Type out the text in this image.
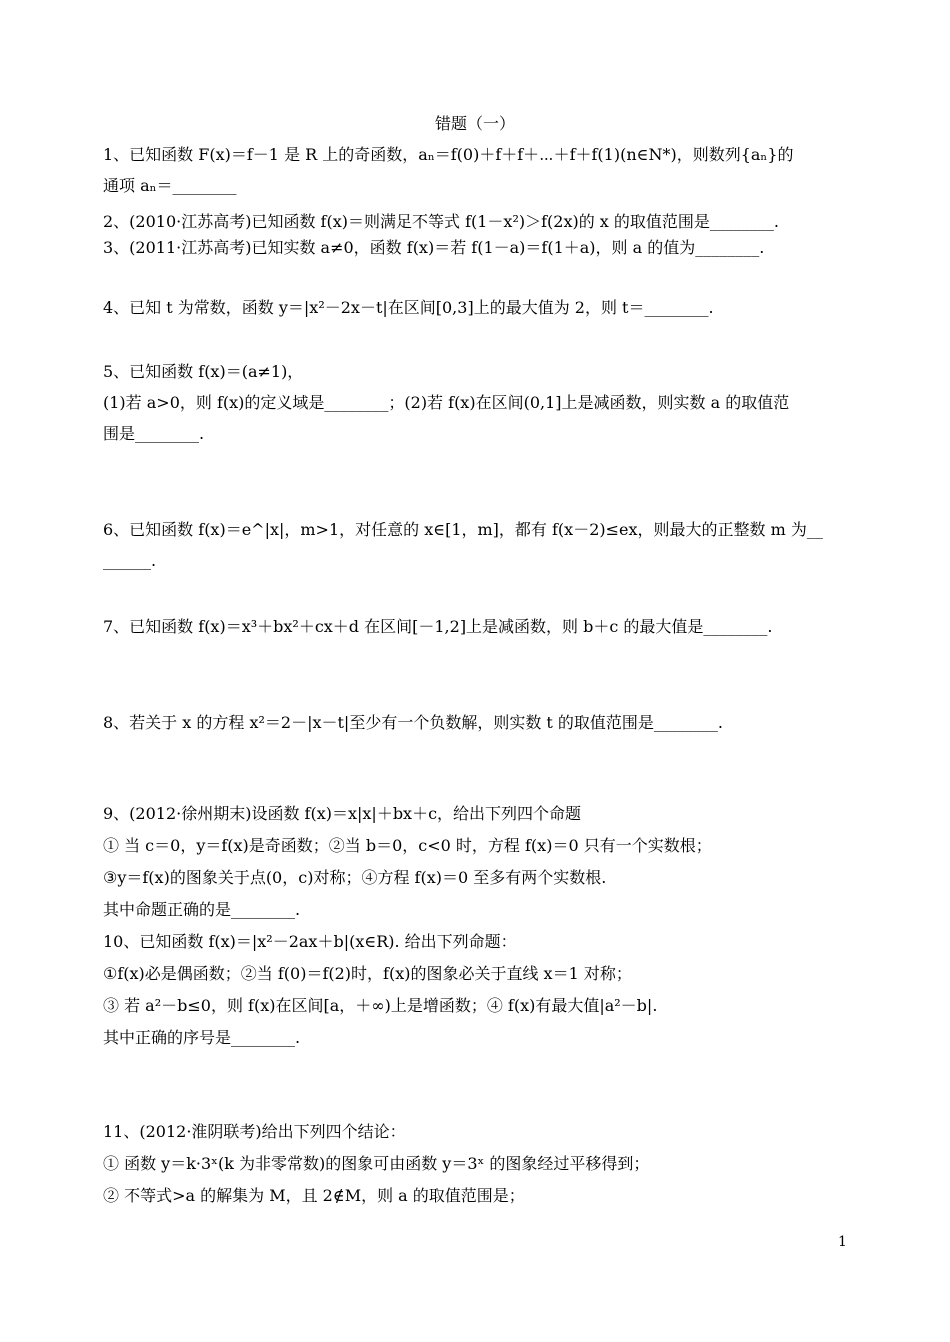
错题（一）
1、已知函数 F(x)＝f－1 是 R 上的奇函数，aₙ＝f(0)＋f＋f＋⋯＋f＋f(1)(n∈N*)，则数列{aₙ}的
通项 aₙ＝________
2、(2010·江苏高考)已知函数 f(x)＝则满足不等式 f(1－x²)＞f(2x)的 x 的取值范围是________.
3、(2011·江苏高考)已知实数 a≠0，函数 f(x)＝若 f(1－a)＝f(1＋a)，则 a 的值为________.
4、已知 t 为常数，函数 y＝|x²－2x－t|在区间[0,3]上的最大值为 2，则 t＝________.
5、已知函数 f(x)＝(a≠1)，
(1)若 a>0，则 f(x)的定义域是________；(2)若 f(x)在区间(0,1]上是减函数，则实数 a 的取值范
围是________.
6、已知函数 f(x)＝e^|x|，m>1，对任意的 x∈[1，m]，都有 f(x－2)≤ex，则最大的正整数 m 为__
______.
7、已知函数 f(x)＝x³＋bx²＋cx＋d 在区间[－1,2]上是减函数，则 b＋c 的最大值是________.
8、若关于 x 的方程 x²＝2－|x－t|至少有一个负数解，则实数 t 的取值范围是________.
9、(2012·徐州期末)设函数 f(x)＝x|x|＋bx＋c，给出下列四个命题
① 当 c＝0，y＝f(x)是奇函数；②当 b＝0，c<0 时，方程 f(x)＝0 只有一个实数根；
③y＝f(x)的图象关于点(0，c)对称；④方程 f(x)＝0 至多有两个实数根.
其中命题正确的是________.
10、已知函数 f(x)＝|x²－2ax＋b|(x∈R). 给出下列命题：
①f(x)必是偶函数；②当 f(0)＝f(2)时，f(x)的图象必关于直线 x＝1 对称；
③ 若 a²－b≤0，则 f(x)在区间[a，＋∞)上是增函数；④ f(x)有最大值|a²－b|.
其中正确的序号是________.
11、(2012·淮阴联考)给出下列四个结论：
① 函数 y＝k·3ˣ(k 为非零常数)的图象可由函数 y＝3ˣ 的图象经过平移得到；
② 不等式>a 的解集为 M，且 2∉M，则 a 的取值范围是；
1
